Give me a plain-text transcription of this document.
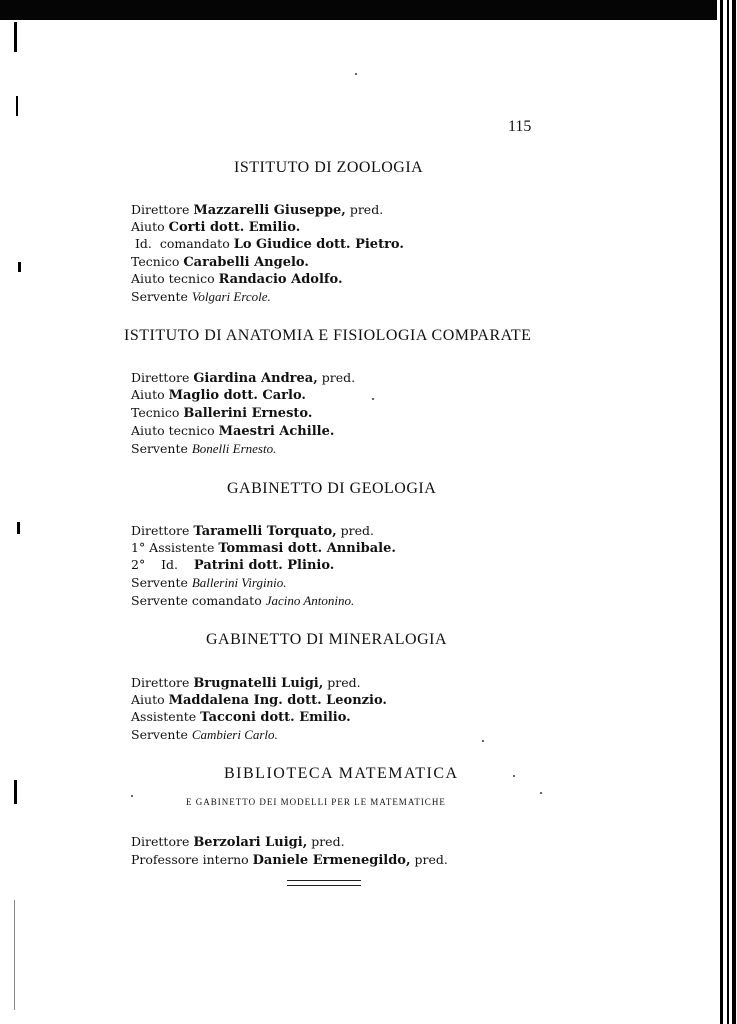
115
ISTITUTO DI ZOOLOGIA
Direttore Mazzarelli Giuseppe, pred.
Aiuto Corti dott. Emilio.
Id.  comandato Lo Giudice dott. Pietro.
Tecnico Carabelli Angelo.
Aiuto tecnico Randacio Adolfo.
Servente Volgari Ercole.
ISTITUTO DI ANATOMIA E FISIOLOGIA COMPARATE
Direttore Giardina Andrea, pred.
Aiuto Maglio dott. Carlo.
Tecnico Ballerini Ernesto.
Aiuto tecnico Maestri Achille.
Servente Bonelli Ernesto.
GABINETTO DI GEOLOGIA
Direttore Taramelli Torquato, pred.
1° Assistente Tommasi dott. Annibale.
2°    Id.    Patrini dott. Plinio.
Servente Ballerini Virginio.
Servente comandato Jacino Antonino.
GABINETTO DI MINERALOGIA
Direttore Brugnatelli Luigi, pred.
Aiuto Maddalena Ing. dott. Leonzio.
Assistente Tacconi dott. Emilio.
Servente Cambieri Carlo.
BIBLIOTECA MATEMATICA
E GABINETTO DEI MODELLI PER LE MATEMATICHE
Direttore Berzolari Luigi, pred.
Professore interno Daniele Ermenegildo, pred.
